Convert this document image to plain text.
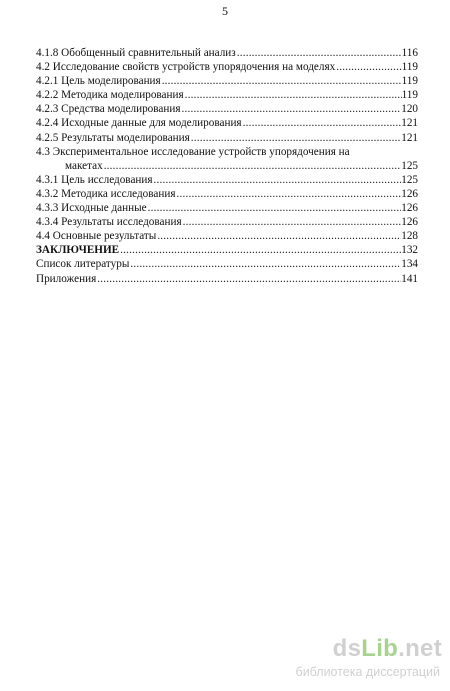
5
4.1.8 Обобщенный сравнительный анализ .....	116
4.2 Исследование свойств устройств упорядочения на моделях .....	119
4.2.1 Цель моделирования .....	119
4.2.2 Методика моделирования .....	119
4.2.3 Средства моделирования .....	120
4.2.4 Исходные данные для моделирования .....	121
4.2.5 Результаты моделирования .....	121
4.3 Экспериментальное исследование устройств упорядочения на
макетах .....	125
4.3.1 Цель исследования .....	125
4.3.2 Методика исследования .....	126
4.3.3 Исходные данные .....	126
4.3.4 Результаты исследования .....	126
4.4 Основные результаты .....	128
ЗАКЛЮЧЕНИЕ .....	132
Список литературы .....	134
Приложения .....	141
dsLib.net
библиотека диссертаций
